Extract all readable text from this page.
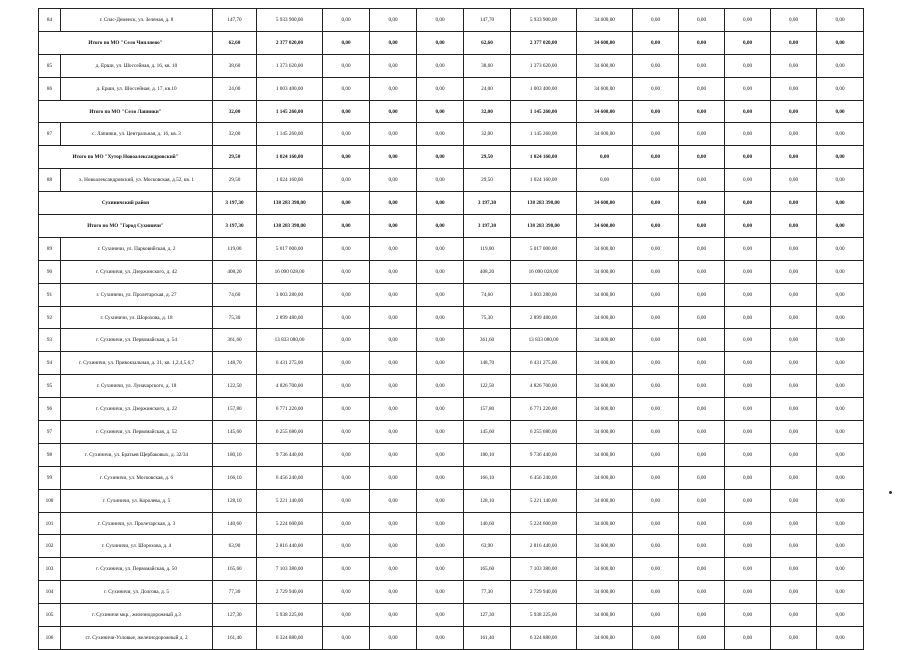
84	г. Спас-Деменск, ул. Зеленая, д. 8	147,70	5 933 900,00	0,00	0,00	0,00	147,70	5 933 900,00	34 600,00	0,00	0,00	0,00	0,00	0,00
Итого по МО "Село Чипляево"		62,60	2 377 020,00	0,00	0,00	0,00	62,60	2 377 020,00	34 600,00	0,00	0,00	0,00	0,00	0,00
85	д. Ерши, ул. Шоссейная, д. 16, кв. 10	38,60	1 373 620,00	0,00	0,00	0,00	38,60	1 373 620,00	34 600,00	0,00	0,00	0,00	0,00	0,00
86	д. Ерши, ул. Шоссейная, д. 17, кв.10	24,00	1 003 400,00	0,00	0,00	0,00	24,00	1 003 400,00	34 600,00	0,00	0,00	0,00	0,00	0,00
Итого по МО "Село Лапинки"		32,00	1 145 260,00	0,00	0,00	0,00	32,00	1 145 260,00	34 600,00	0,00	0,00	0,00	0,00	0,00
87	с. Лапинки, ул. Центральная, д. 16, кв. 3	32,00	1 145 260,00	0,00	0,00	0,00	32,00	1 145 260,00	34 600,00	0,00	0,00	0,00	0,00	0,00
Итого по МО "Хутор Новоалександровский"		29,50	1 024 160,00	0,00	0,00	0,00	29,50	1 024 160,00	0,00	0,00	0,00	0,00	0,00	0,00
88	х. Новоалександровский, ул. Московская, д.52, кв. 1	29,50	1 024 160,00	0,00	0,00	0,00	29,50	1 024 160,00	0,00	0,00	0,00	0,00	0,00	0,00
Сухиничский район		3 197,30	138 283 398,00	0,00	0,00	0,00	3 197,30	138 283 398,00	34 600,00	0,00	0,00	0,00	0,00	0,00
Итого по МО "Город Сухиничи"		3 197,30	138 283 398,00	0,00	0,00	0,00	3 197,30	138 283 398,00	34 600,00	0,00	0,00	0,00	0,00	0,00
89	г. Сухиничи, ул. Парковийская, д. 2	119,00	5 017 000,00	0,00	0,00	0,00	119,00	5 017 000,00	34 600,00	0,00	0,00	0,00	0,00	0,00
90	г. Сухиничи, ул. Дзержинского, д. 42	408,20	16 090 028,00	0,00	0,00	0,00	408,20	16 090 028,00	34 600,00	0,00	0,00	0,00	0,00	0,00
91	г. Сухиничи, ул. Пролетарская, д. 27	74,60	3 003 280,00	0,00	0,00	0,00	74,60	3 003 280,00	34 600,00	0,00	0,00	0,00	0,00	0,00
92	г. Сухиничи, ул. Шорохова, д. 18	75,30	2 899 480,00	0,00	0,00	0,00	75,30	2 899 480,00	34 600,00	0,00	0,00	0,00	0,00	0,00
93	г. Сухиничи, ул. Первомайская, д. 54	361,60	13 833 080,00	0,00	0,00	0,00	361,60	13 833 080,00	34 600,00	0,00	0,00	0,00	0,00	0,00
94	г. Сухиничи, ул. Привокзальная, д. 31, кв. 1,2,4,5,6,7	148,70	6 431 275,00	0,00	0,00	0,00	148,70	6 431 275,00	34 600,00	0,00	0,00	0,00	0,00	0,00
95	г. Сухиничи, ул. Луначарского, д. 18	122,50	4 826 700,00	0,00	0,00	0,00	122,50	4 826 700,00	34 600,00	0,00	0,00	0,00	0,00	0,00
96	г. Сухиничи, ул. Дзержинского, д. 22	157,80	6 771 220,00	0,00	0,00	0,00	157,80	6 771 220,00	34 600,00	0,00	0,00	0,00	0,00	0,00
97	г. Сухиничи, ул. Первомайская, д. 52	145,60	6 255 680,00	0,00	0,00	0,00	145,60	6 255 680,00	34 600,00	0,00	0,00	0,00	0,00	0,00
98	г. Сухиничи, ул. Братьев Щербаковых, д. 32/34	180,10	9 736 440,00	0,00	0,00	0,00	180,10	9 736 440,00	34 600,00	0,00	0,00	0,00	0,00	0,00
99	г. Сухиничи, ул. Московская, д. 6	166,10	6 456 240,00	0,00	0,00	0,00	166,10	6 456 240,00	34 600,00	0,00	0,00	0,00	0,00	0,00
100	г. Сухиничи, ул. Королева, д. 5	128,10	5 221 140,00	0,00	0,00	0,00	128,10	5 221 140,00	34 600,00	0,00	0,00	0,00	0,00	0,00
101	г. Сухиничи, ул. Пролетарская, д. 3	140,60	5 224 600,00	0,00	0,00	0,00	140,60	5 224 600,00	34 600,00	0,00	0,00	0,00	0,00	0,00
102	г. Сухиничи, ул. Шорохова, д. 4	63,90	2 816 440,00	0,00	0,00	0,00	63,90	2 816 440,00	34 600,00	0,00	0,00	0,00	0,00	0,00
103	г. Сухиничи, ул. Первомайская, д. 50	165,60	7 103 380,00	0,00	0,00	0,00	165,60	7 103 380,00	34 600,00	0,00	0,00	0,00	0,00	0,00
104	г. Сухиничи, ул. Долгова, д. 5	77,30	2 729 940,00	0,00	0,00	0,00	77,30	2 729 940,00	34 600,00	0,00	0,00	0,00	0,00	0,00
105	г. Сухиничи мкр., железнодорожный д.3	127,30	5 938 225,00	0,00	0,00	0,00	127,30	5 938 225,00	34 600,00	0,00	0,00	0,00	0,00	0,00
106	ст. Сухиничи-Узловые, железнодорожный д. 2	161,40	6 324 880,00	0,00	0,00	0,00	161,40	6 324 880,00	34 600,00	0,00	0,00	0,00	0,00	0,00
